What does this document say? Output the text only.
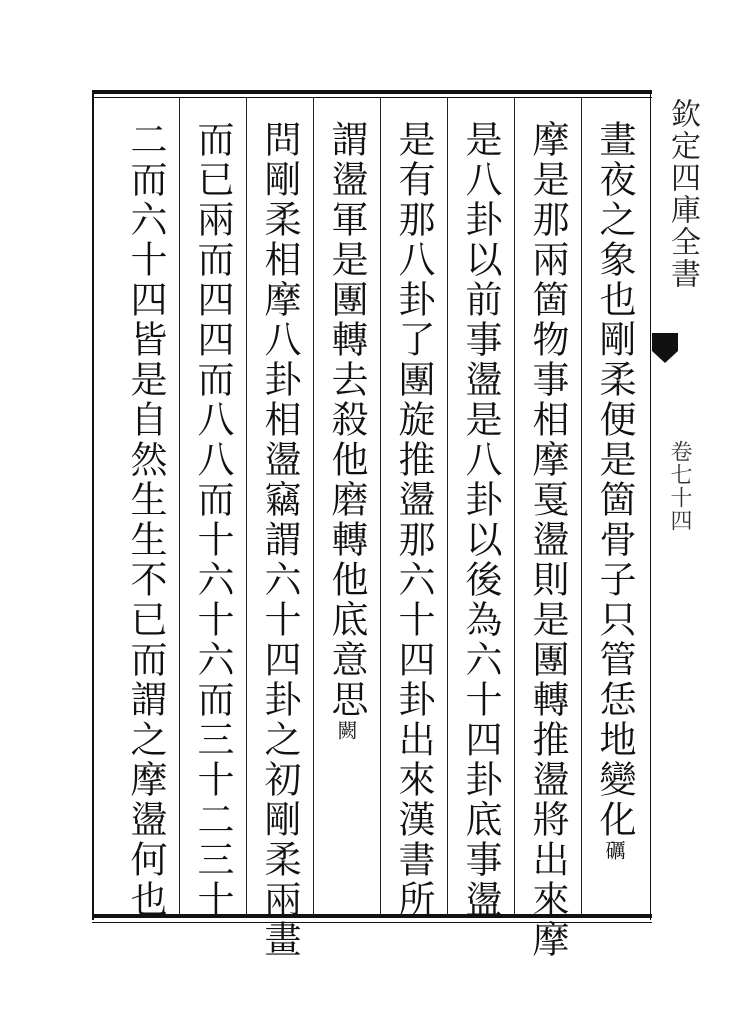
欽定四庫全書
卷七十四
晝夜之象也剛柔便是箇骨子只管恁地變化礪
摩是那兩箇物事相摩戛盪則是團轉推盪將出來摩
是八卦以前事盪是八卦以後為六十四卦底事盪
是有那八卦了團旋推盪那六十四卦出來漢書所
謂盪軍是團轉去殺他磨轉他底意思闕
問剛柔相摩八卦相盪竊謂六十四卦之初剛柔兩畫
而已兩而四四而八八而十六十六而三十二三十
二而六十四皆是自然生生不已而謂之摩盪何也
